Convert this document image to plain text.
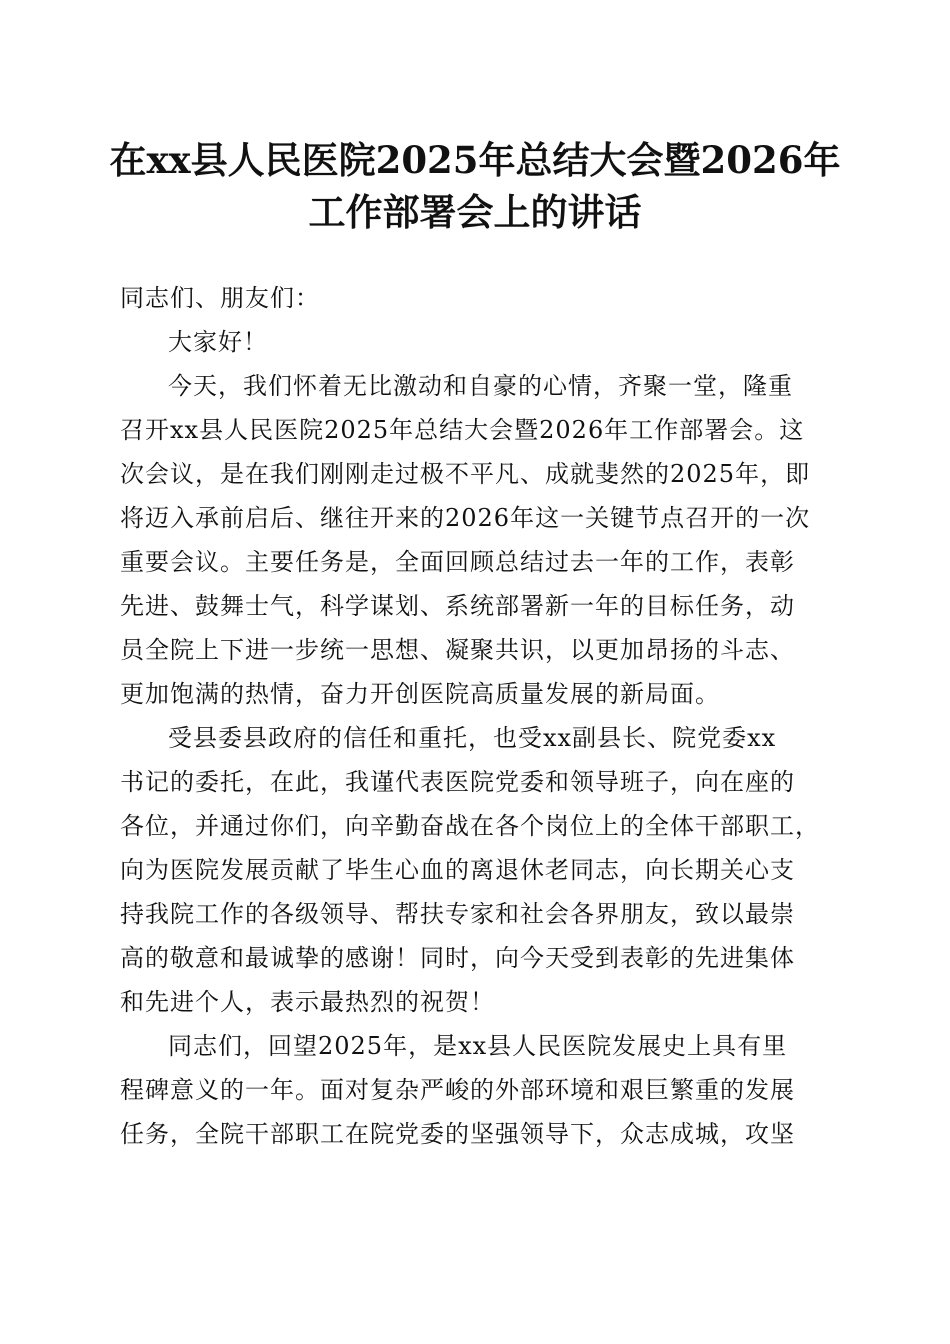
在xx县人民医院2025年总结大会暨2026年
工作部署会上的讲话
同志们、朋友们：
大家好！
今天，我们怀着无比激动和自豪的心情，齐聚一堂，隆重
召开xx县人民医院2025年总结大会暨2026年工作部署会。这
次会议，是在我们刚刚走过极不平凡、成就斐然的2025年，即
将迈入承前启后、继往开来的2026年这一关键节点召开的一次
重要会议。主要任务是，全面回顾总结过去一年的工作，表彰
先进、鼓舞士气，科学谋划、系统部署新一年的目标任务，动
员全院上下进一步统一思想、凝聚共识，以更加昂扬的斗志、
更加饱满的热情，奋力开创医院高质量发展的新局面。
受县委县政府的信任和重托，也受xx副县长、院党委xx
书记的委托，在此，我谨代表医院党委和领导班子，向在座的
各位，并通过你们，向辛勤奋战在各个岗位上的全体干部职工，
向为医院发展贡献了毕生心血的离退休老同志，向长期关心支
持我院工作的各级领导、帮扶专家和社会各界朋友，致以最崇
高的敬意和最诚挚的感谢！同时，向今天受到表彰的先进集体
和先进个人，表示最热烈的祝贺！
同志们，回望2025年，是xx县人民医院发展史上具有里
程碑意义的一年。面对复杂严峻的外部环境和艰巨繁重的发展
任务，全院干部职工在院党委的坚强领导下，众志成城，攻坚
